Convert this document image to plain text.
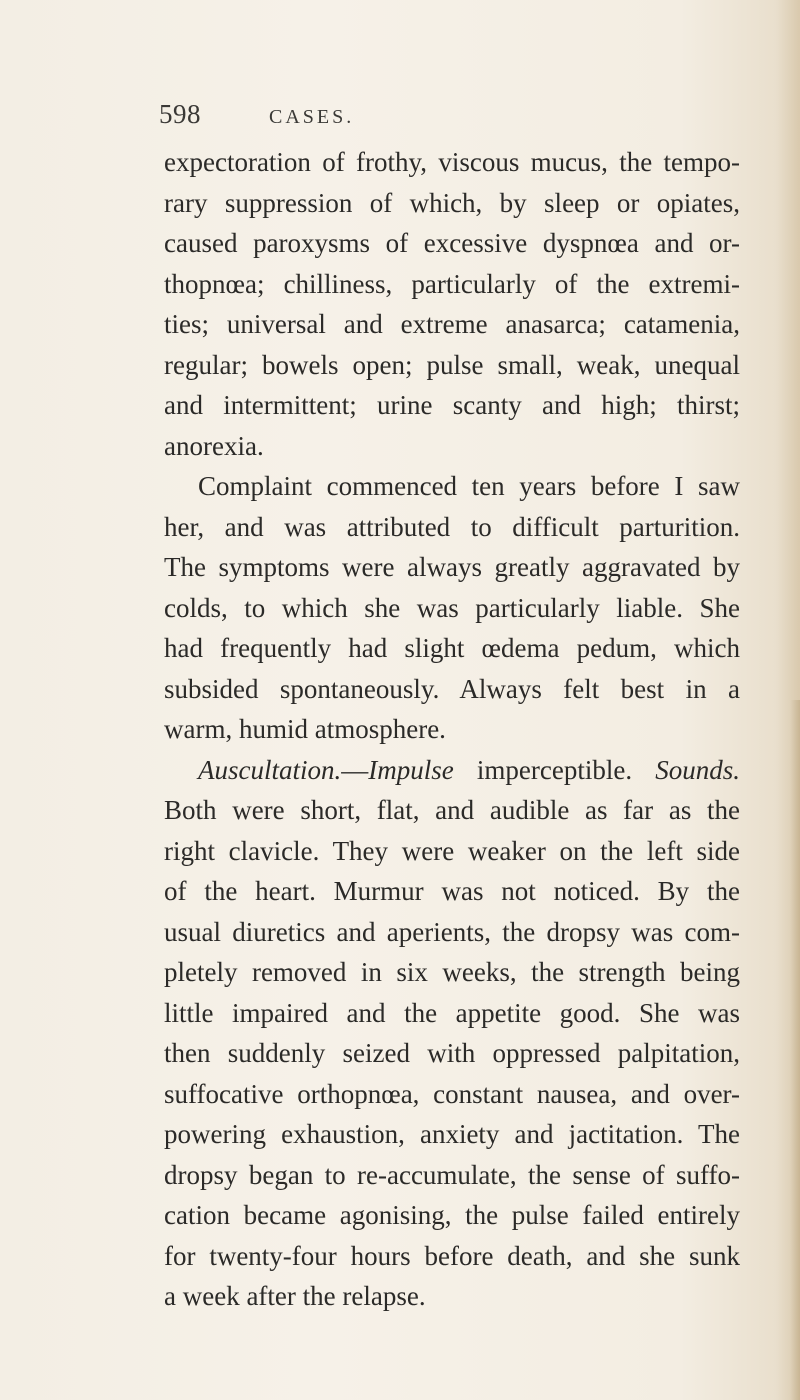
598	CASES.
expectoration of frothy, viscous mucus, the tempo-
rary suppression of which, by sleep or opiates,
caused paroxysms of excessive dyspnœa and or-
thopnœa; chilliness, particularly of the extremi-
ties; universal and extreme anasarca; catamenia,
regular; bowels open; pulse small, weak, unequal
and intermittent; urine scanty and high; thirst;
anorexia.
Complaint commenced ten years before I saw
her, and was attributed to difficult parturition.
The symptoms were always greatly aggravated by
colds, to which she was particularly liable. She
had frequently had slight œdema pedum, which
subsided spontaneously. Always felt best in a
warm, humid atmosphere.
Auscultation.—Impulse imperceptible. Sounds.
Both were short, flat, and audible as far as the
right clavicle. They were weaker on the left side
of the heart. Murmur was not noticed. By the
usual diuretics and aperients, the dropsy was com-
pletely removed in six weeks, the strength being
little impaired and the appetite good. She was
then suddenly seized with oppressed palpitation,
suffocative orthopnœa, constant nausea, and over-
powering exhaustion, anxiety and jactitation. The
dropsy began to re-accumulate, the sense of suffo-
cation became agonising, the pulse failed entirely
for twenty-four hours before death, and she sunk
a week after the relapse.
